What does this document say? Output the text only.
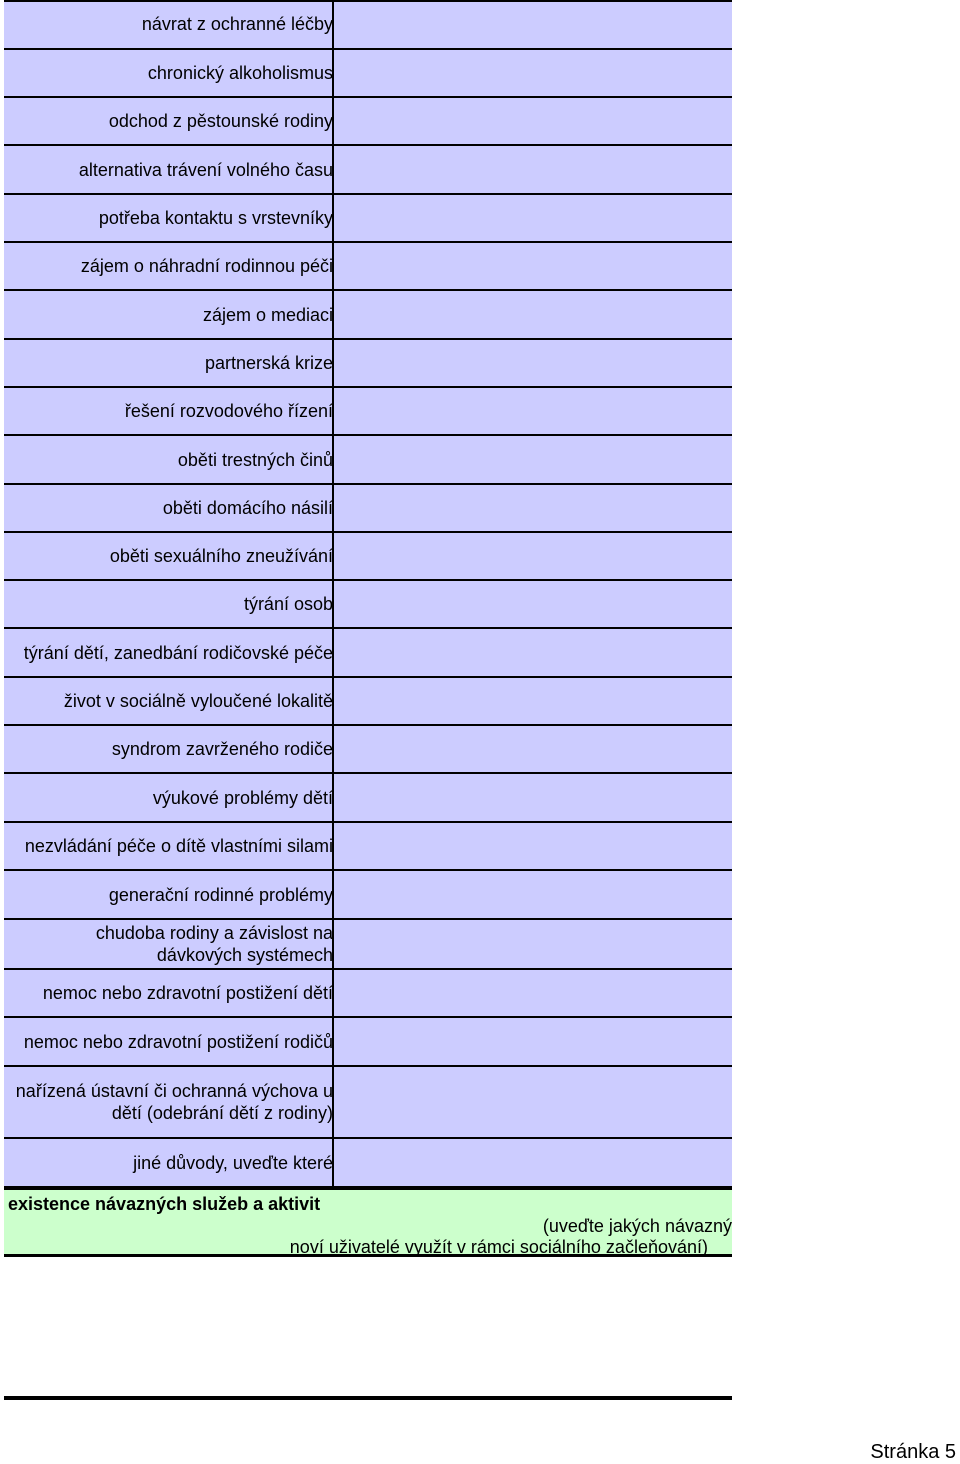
návrat z ochranné léčby
chronický alkoholismus
odchod z pěstounské rodiny
alternativa trávení volného času
potřeba kontaktu s vrstevníky
zájem o náhradní rodinnou péči
zájem o mediaci
partnerská krize
řešení rozvodového řízení
oběti trestných činů
oběti domácího násilí
oběti sexuálního zneužívání
týrání osob
týrání dětí, zanedbání rodičovské péče
život v sociálně vyloučené lokalitě
syndrom zavrženého rodiče
výukové problémy dětí
nezvládání péče o dítě vlastními silami
generační rodinné problémy
chudoba rodiny a závislost na dávkových systémech
nemoc nebo zdravotní postižení dětí
nemoc nebo zdravotní postižení rodičů
nařízená ústavní či ochranná výchova u dětí (odebrání dětí z rodiny)
jiné důvody, uveďte které
existence návazných služeb a aktivit
(uveďte jakých návazný
noví uživatelé využít v rámci sociálního začleňování)
Stránka 5
